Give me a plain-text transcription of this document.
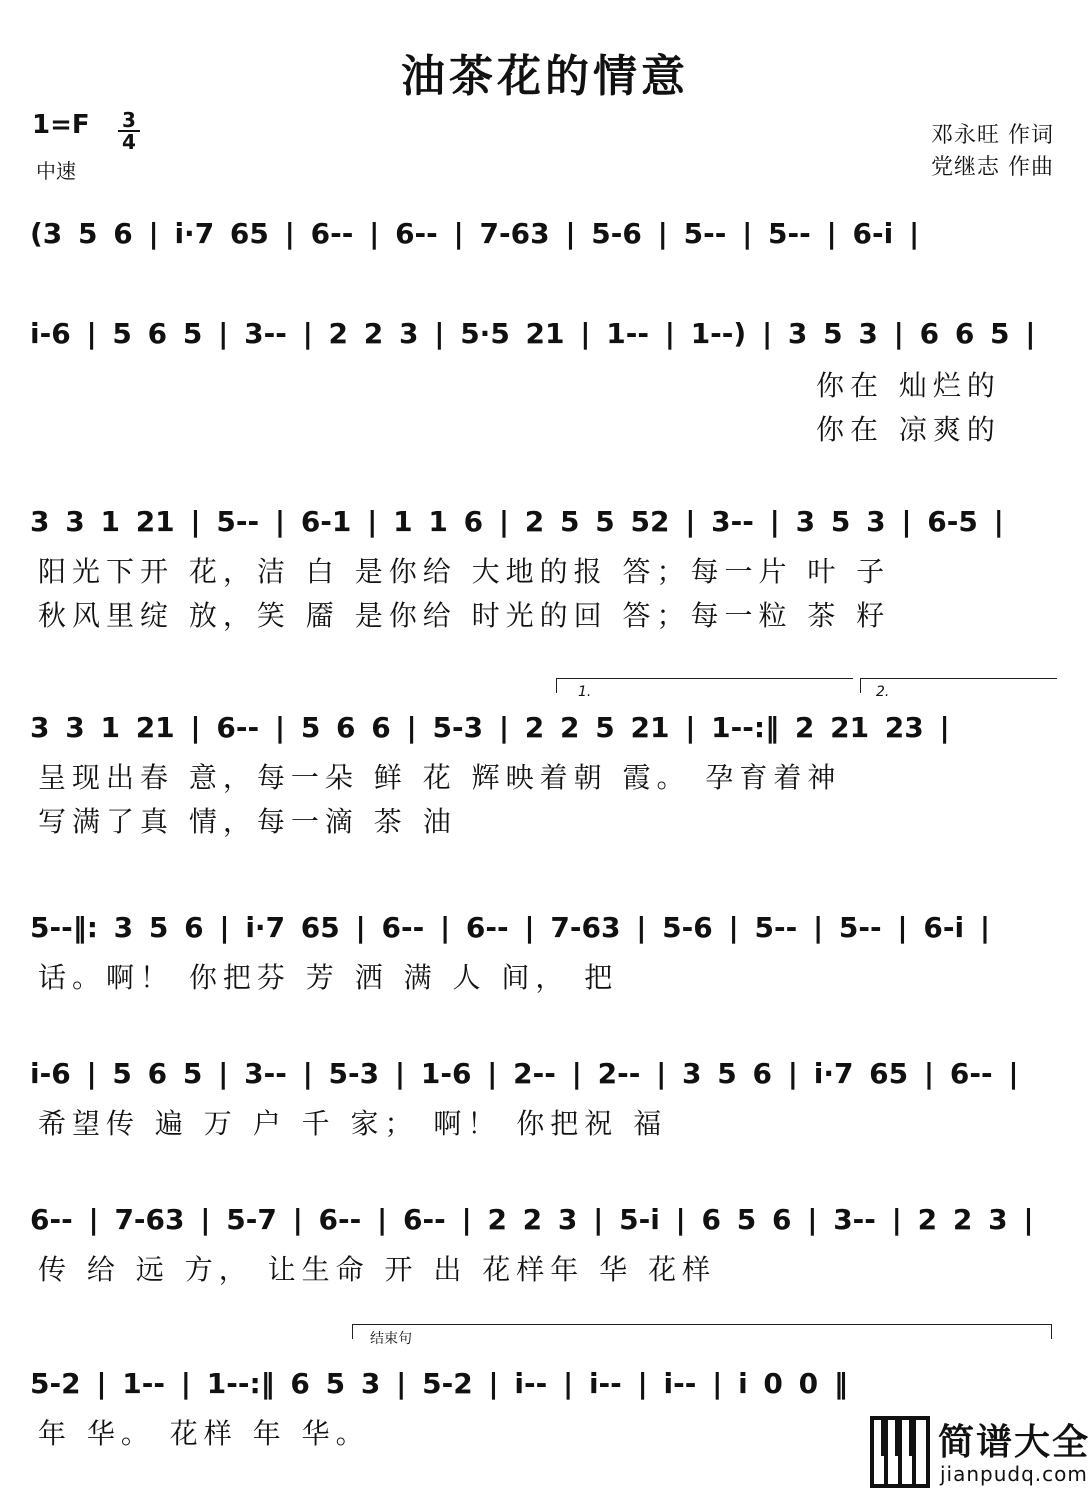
油茶花的情意
$1=F \frac{3}{4}$
中速
邓永旺 作词
党继志 作曲
(3 5 6 | i·7 65 | 6-- | 6-- | 7-63 | 5-6 | 5-- | 5-- | 6-i |
i-6 | 5 6 5 | 3-- | 2 2 3 | 5·5 21 | 1-- | 1--) | 3 5 3 | 6 6 5 |
你在 灿烂的
你在 凉爽的
3 3 1 21 | 5-- | 6-1 | 1 1 6 | 2 5 5 52 | 3-- | 3 5 3 | 6-5 |
阳光下开 花，洁 白 是你给 大地的报 答；每一片 叶 子
秋风里绽 放，笑 靥 是你给 时光的回 答；每一粒 茶 籽
1.	2.
3 3 1 21 | 6-- | 5 6 6 | 5-3 | 2 2 5 21 | 1--:‖ 2 21 23 |
呈现出春 意，每一朵 鲜 花 辉映着朝 霞。 孕育着神
写满了真 情，每一滴 茶 油
5--‖: 3 5 6 | i·7 65 | 6-- | 6-- | 7-63 | 5-6 | 5-- | 5-- | 6-i |
话。啊！ 你把芬 芳 洒 满 人 间， 把
i-6 | 5 6 5 | 3-- | 5-3 | 1-6 | 2-- | 2-- | 3 5 6 | i·7 65 | 6-- |
希望传 遍 万 户 千 家； 啊！ 你把祝 福
6-- | 7-63 | 5-7 | 6-- | 6-- | 2 2 3 | 5-i | 6 5 6 | 3-- | 2 2 3 |
传 给 远 方， 让生命 开 出 花样年 华 花样
结束句
5-2 | 1-- | 1--:‖ 6 5 3 | 5-2 | i-- | i-- | i-- | i 0 0 ‖
年 华。 花样 年 华。	简谱大全
jianpudq.com
